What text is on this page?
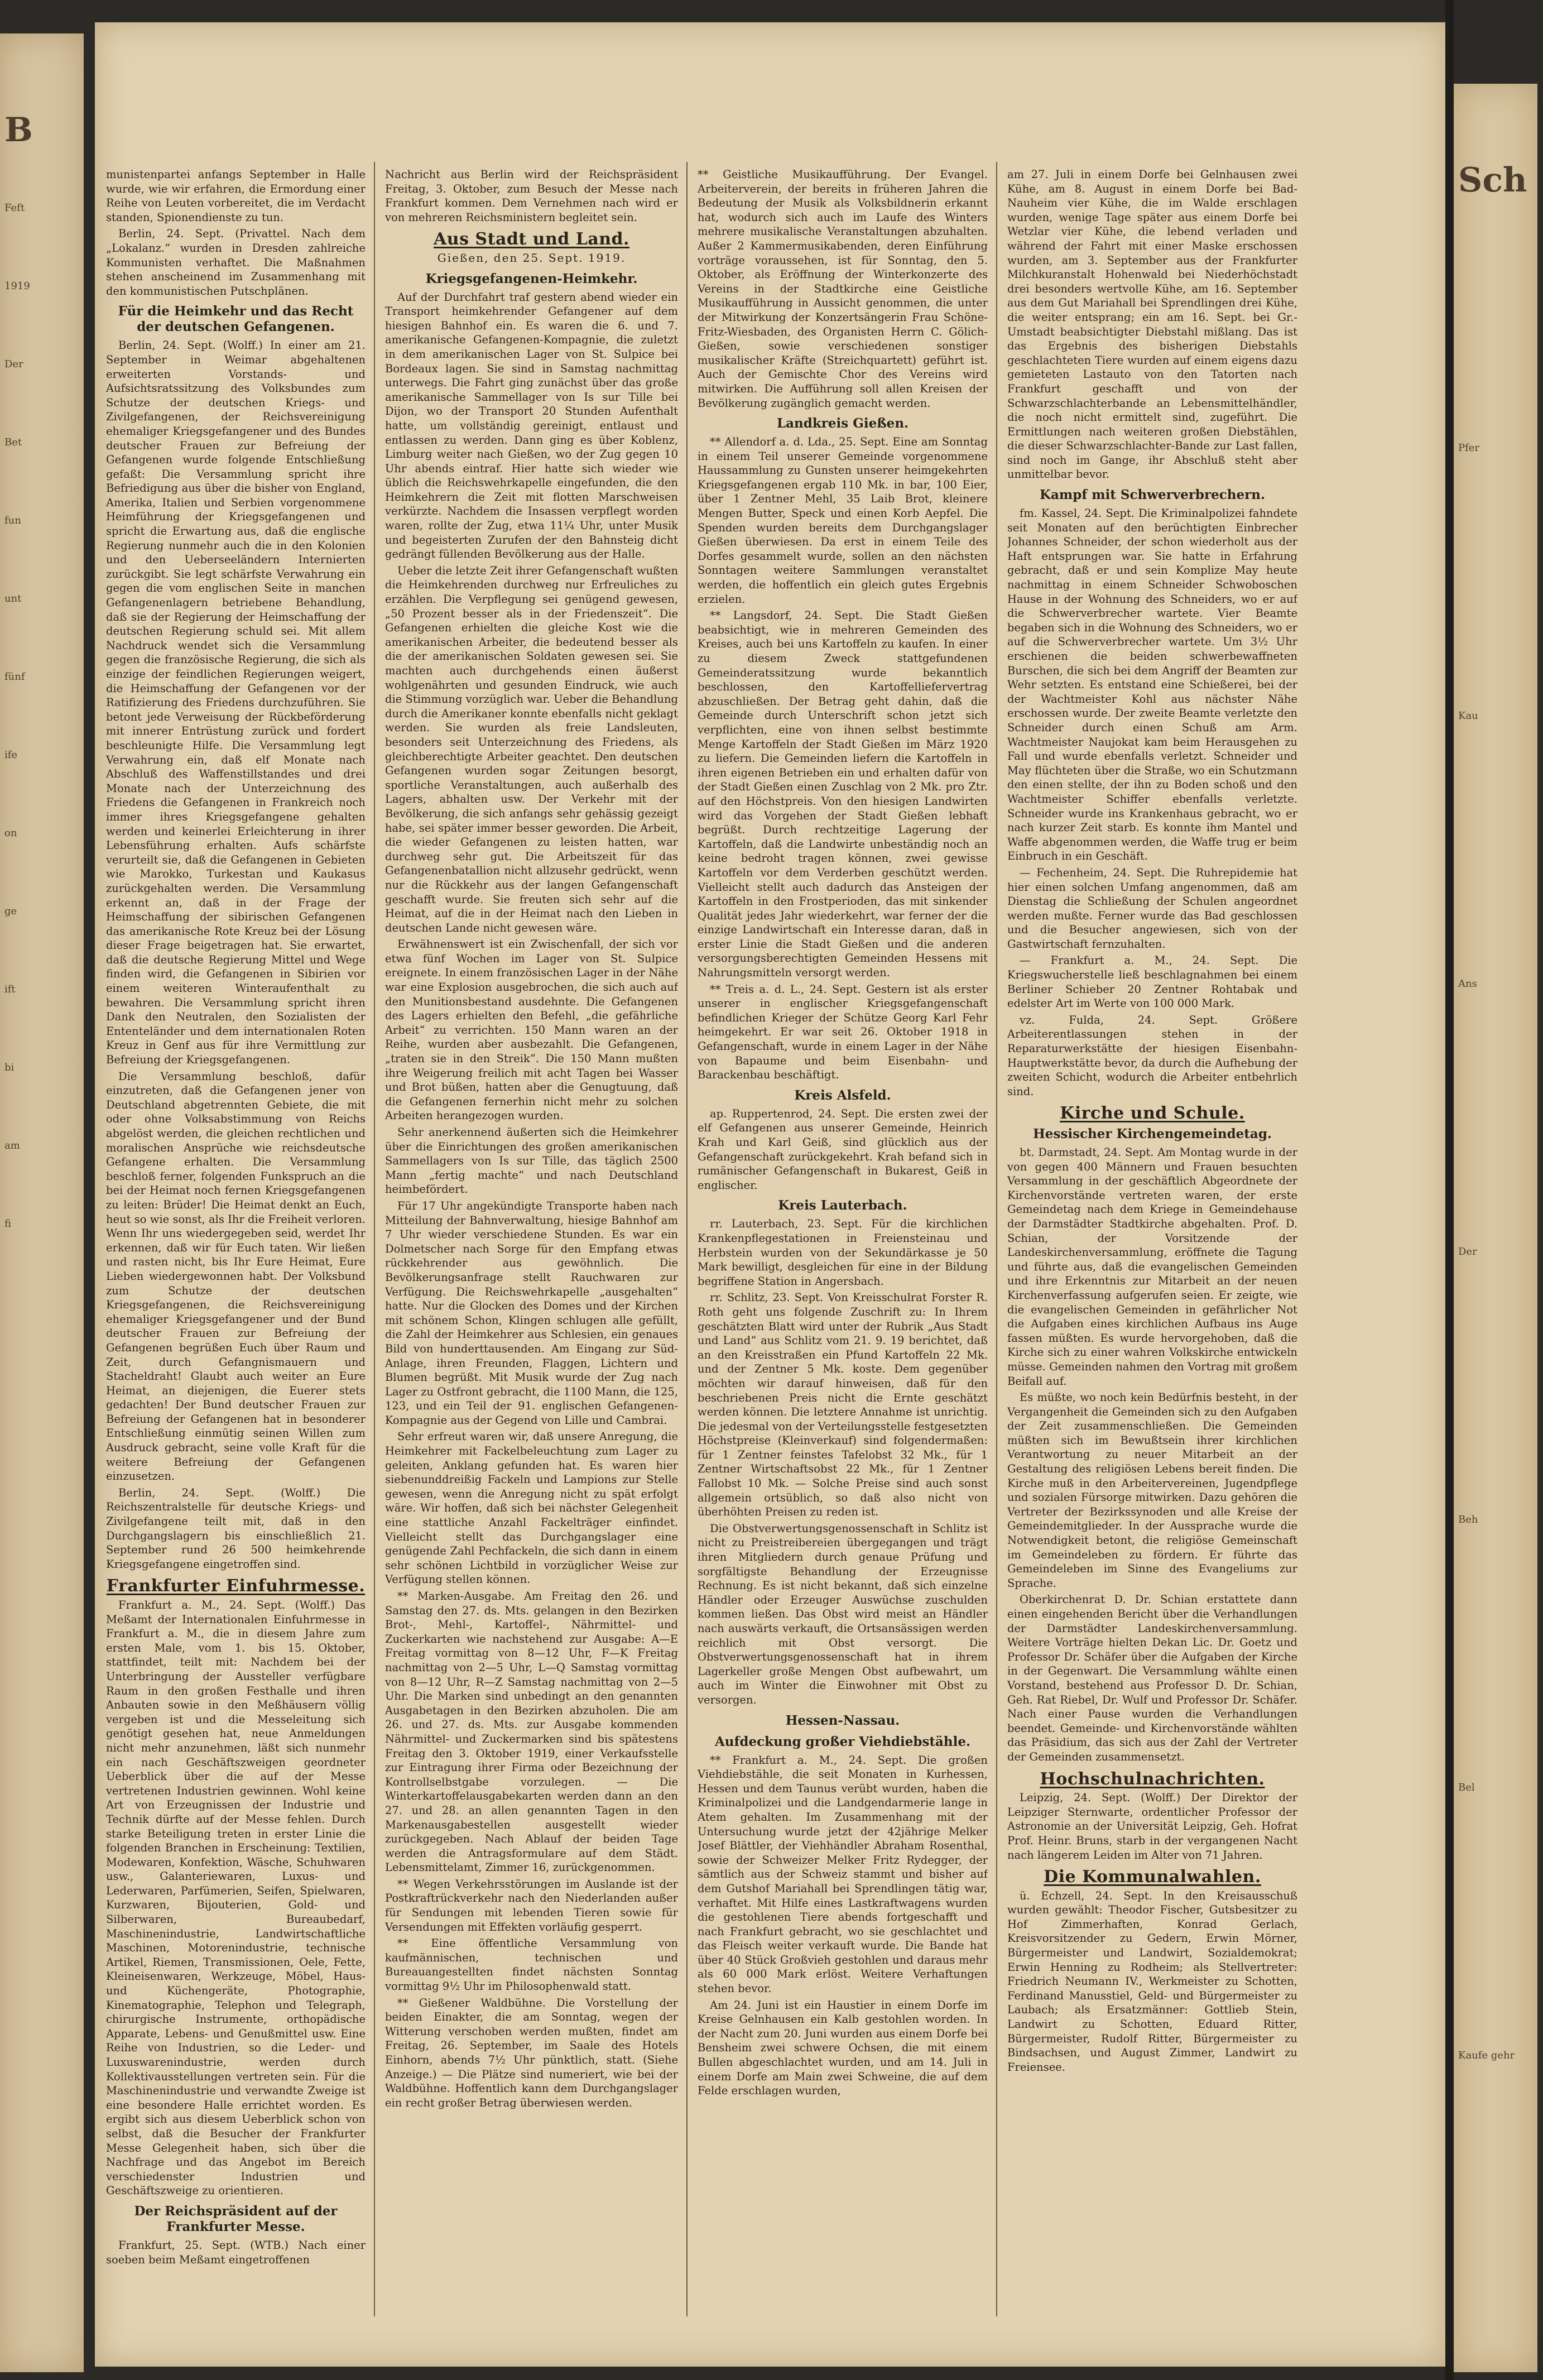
B
Feft
1919
Der
Bet
fun
unt
fünf
ife
on
ge
ift
bi
am
fi

munistenpartei anfangs September in Halle wurde, wie wir erfahren, die Ermordung einer Reihe von Leuten vorbereitet, die im Verdacht standen, Spionendienste zu tun.

Berlin, 24. Sept. (Privattel. Nach dem „Lokalanz.“ wurden in Dresden zahlreiche Kommunisten verhaftet. Die Maßnahmen stehen anscheinend im Zusammenhang mit den kommunistischen Putschplänen.

Für die Heimkehr und das Recht der deutschen Gefangenen.

Berlin, 24. Sept. (Wolff.) In einer am 21. September in Weimar abgehaltenen erweiterten Vorstands- und Aufsichtsratssitzung des Volksbundes zum Schutze der deutschen Kriegs- und Zivilgefangenen, der Reichsvereinigung ehemaliger Kriegsgefangener und des Bundes deutscher Frauen zur Befreiung der Gefangenen wurde folgende Entschließung gefaßt: Die Versammlung spricht ihre Befriedigung aus über die bisher von England, Amerika, Italien und Serbien vorgenommene Heimführung der Kriegsgefangenen und spricht die Erwartung aus, daß die englische Regierung nunmehr auch die in den Kolonien und den Ueberseeländern Internierten zurückgibt. Sie legt schärfste Verwahrung ein gegen die vom englischen Seite in manchen Gefangenenlagern betriebene Behandlung, daß sie der Regierung der Heimschaffung der deutschen Regierung schuld sei. Mit allem Nachdruck wendet sich die Versammlung gegen die französische Regierung, die sich als einzige der feindlichen Regierungen weigert, die Heimschaffung der Gefangenen vor der Ratifizierung des Friedens durchzuführen. Sie betont jede Verweisung der Rückbeförderung mit innerer Entrüstung zurück und fordert beschleunigte Hilfe. Die Versammlung legt Verwahrung ein, daß elf Monate nach Abschluß des Waffenstillstandes und drei Monate nach der Unterzeichnung des Friedens die Gefangenen in Frankreich noch immer ihres Kriegsgefangene gehalten werden und keinerlei Erleichterung in ihrer Lebensführung erhalten. Aufs schärfste verurteilt sie, daß die Gefangenen in Gebieten wie Marokko, Turkestan und Kaukasus zurückgehalten werden. Die Versammlung erkennt an, daß in der Frage der Heimschaffung der sibirischen Gefangenen das amerikanische Rote Kreuz bei der Lösung dieser Frage beigetragen hat. Sie erwartet, daß die deutsche Regierung Mittel und Wege finden wird, die Gefangenen in Sibirien vor einem weiteren Winteraufenthalt zu bewahren. Die Versammlung spricht ihren Dank den Neutralen, den Sozialisten der Ententeländer und dem internationalen Roten Kreuz in Genf aus für ihre Vermittlung zur Befreiung der Kriegsgefangenen.

Die Versammlung beschloß, dafür einzutreten, daß die Gefangenen jener von Deutschland abgetrennten Gebiete, die mit oder ohne Volksabstimmung von Reichs abgelöst werden, die gleichen rechtlichen und moralischen Ansprüche wie reichsdeutsche Gefangene erhalten. Die Versammlung beschloß ferner, folgenden Funkspruch an die bei der Heimat noch fernen Kriegsgefangenen zu leiten: Brüder! Die Heimat denkt an Euch, heut so wie sonst, als Ihr die Freiheit verloren. Wenn Ihr uns wiedergegeben seid, werdet Ihr erkennen, daß wir für Euch taten. Wir ließen und rasten nicht, bis Ihr Eure Heimat, Eure Lieben wiedergewonnen habt. Der Volksbund zum Schutze der deutschen Kriegsgefangenen, die Reichsvereinigung ehemaliger Kriegsgefangener und der Bund deutscher Frauen zur Befreiung der Gefangenen begrüßen Euch über Raum und Zeit, durch Gefangnismauern und Stacheldraht! Glaubt auch weiter an Eure Heimat, an diejenigen, die Euerer stets gedachten! Der Bund deutscher Frauen zur Befreiung der Gefangenen hat in besonderer Entschließung einmütig seinen Willen zum Ausdruck gebracht, seine volle Kraft für die weitere Befreiung der Gefangenen einzusetzen.

Berlin, 24. Sept. (Wolff.) Die Reichszentralstelle für deutsche Kriegs- und Zivilgefangene teilt mit, daß in den Durchgangslagern bis einschließlich 21. September rund 26 500 heimkehrende Kriegsgefangene eingetroffen sind.

Frankfurter Einfuhrmesse.

Frankfurt a. M., 24. Sept. (Wolff.) Das Meßamt der Internationalen Einfuhrmesse in Frankfurt a. M., die in diesem Jahre zum ersten Male, vom 1. bis 15. Oktober, stattfindet, teilt mit: Nachdem bei der Unterbringung der Aussteller verfügbare Raum in den großen Festhalle und ihren Anbauten sowie in den Meßhäusern völlig vergeben ist und die Messeleitung sich genötigt gesehen hat, neue Anmeldungen nicht mehr anzunehmen, läßt sich nunmehr ein nach Geschäftszweigen geordneter Ueberblick über die auf der Messe vertretenen Industrien gewinnen. Wohl keine Art von Erzeugnissen der Industrie und Technik dürfte auf der Messe fehlen. Durch starke Beteiligung treten in erster Linie die folgenden Branchen in Erscheinung: Textilien, Modewaren, Konfektion, Wäsche, Schuhwaren usw., Galanteriewaren, Luxus- und Lederwaren, Parfümerien, Seifen, Spielwaren, Kurzwaren, Bijouterien, Gold- und Silberwaren, Bureaubedarf, Maschinenindustrie, Landwirtschaftliche Maschinen, Motorenindustrie, technische Artikel, Riemen, Transmissionen, Oele, Fette, Kleineisenwaren, Werkzeuge, Möbel, Haus- und Küchengeräte, Photographie, Kinematographie, Telephon und Telegraph, chirurgische Instrumente, orthopädische Apparate, Lebens- und Genußmittel usw. Eine Reihe von Industrien, so die Leder- und Luxuswarenindustrie, werden durch Kollektivausstellungen vertreten sein. Für die Maschinenindustrie und verwandte Zweige ist eine besondere Halle errichtet worden. Es ergibt sich aus diesem Ueberblick schon von selbst, daß die Besucher der Frankfurter Messe Gelegenheit haben, sich über die Nachfrage und das Angebot im Bereich verschiedenster Industrien und Geschäftszweige zu orientieren.

Der Reichspräsident auf der Frankfurter Messe.

Frankfurt, 25. Sept. (WTB.) Nach einer soeben beim Meßamt eingetroffenen

Nachricht aus Berlin wird der Reichspräsident Freitag, 3. Oktober, zum Besuch der Messe nach Frankfurt kommen. Dem Vernehmen nach wird er von mehreren Reichsministern begleitet sein.

Aus Stadt und Land.
Gießen, den 25. Sept. 1919.
Kriegsgefangenen-Heimkehr.

Auf der Durchfahrt traf gestern abend wieder ein Transport heimkehrender Gefangener auf dem hiesigen Bahnhof ein. Es waren die 6. und 7. amerikanische Gefangenen-Kompagnie, die zuletzt in dem amerikanischen Lager von St. Sulpice bei Bordeaux lagen. Sie sind in Samstag nachmittag unterwegs. Die Fahrt ging zunächst über das große amerikanische Sammellager von Is sur Tille bei Dijon, wo der Transport 20 Stunden Aufenthalt hatte, um vollständig gereinigt, entlaust und entlassen zu werden. Dann ging es über Koblenz, Limburg weiter nach Gießen, wo der Zug gegen 10 Uhr abends eintraf. Hier hatte sich wieder wie üblich die Reichswehrkapelle eingefunden, die den Heimkehrern die Zeit mit flotten Marschweisen verkürzte. Nachdem die Insassen verpflegt worden waren, rollte der Zug, etwa 11¼ Uhr, unter Musik und begeisterten Zurufen der den Bahnsteig dicht gedrängt füllenden Bevölkerung aus der Halle.

Ueber die letzte Zeit ihrer Gefangenschaft wußten die Heimkehrenden durchweg nur Erfreuliches zu erzählen. Die Verpflegung sei genügend gewesen, „50 Prozent besser als in der Friedenszeit“. Die Gefangenen erhielten die gleiche Kost wie die amerikanischen Arbeiter, die bedeutend besser als die der amerikanischen Soldaten gewesen sei. Sie machten auch durchgehends einen äußerst wohlgenährten und gesunden Eindruck, wie auch die Stimmung vorzüglich war. Ueber die Behandlung durch die Amerikaner konnte ebenfalls nicht geklagt werden. Sie wurden als freie Landsleuten, besonders seit Unterzeichnung des Friedens, als gleichberechtigte Arbeiter geachtet. Den deutschen Gefangenen wurden sogar Zeitungen besorgt, sportliche Veranstaltungen, auch außerhalb des Lagers, abhalten usw. Der Verkehr mit der Bevölkerung, die sich anfangs sehr gehässig gezeigt habe, sei später immer besser geworden. Die Arbeit, die wieder Gefangenen zu leisten hatten, war durchweg sehr gut. Die Arbeitszeit für das Gefangenenbatallion nicht allzusehr gedrückt, wenn nur die Rückkehr aus der langen Gefangenschaft geschafft wurde. Sie freuten sich sehr auf die Heimat, auf die in der Heimat nach den Lieben in deutschen Lande nicht gewesen wäre.

Erwähnenswert ist ein Zwischenfall, der sich vor etwa fünf Wochen im Lager von St. Sulpice ereignete. In einem französischen Lager in der Nähe war eine Explosion ausgebrochen, die sich auch auf den Munitionsbestand ausdehnte. Die Gefangenen des Lagers erhielten den Befehl, „die gefährliche Arbeit“ zu verrichten. 150 Mann waren an der Reihe, wurden aber ausbezahlt. Die Gefangenen, „traten sie in den Streik“. Die 150 Mann mußten ihre Weigerung freilich mit acht Tagen bei Wasser und Brot büßen, hatten aber die Genugtuung, daß die Gefangenen fernerhin nicht mehr zu solchen Arbeiten herangezogen wurden.

Sehr anerkennend äußerten sich die Heimkehrer über die Einrichtungen des großen amerikanischen Sammellagers von Is sur Tille, das täglich 2500 Mann „fertig machte“ und nach Deutschland heimbefördert.

Für 17 Uhr angekündigte Transporte haben nach Mitteilung der Bahnverwaltung, hiesige Bahnhof am 7 Uhr wieder verschiedene Stunden. Es war ein Dolmetscher nach Sorge für den Empfang etwas rückkehrender aus gewöhnlich. Die Bevölkerungsanfrage stellt Rauchwaren zur Verfügung. Die Reichswehrkapelle „ausgehalten“ hatte. Nur die Glocken des Domes und der Kirchen mit schönem Schon, Klingen schlugen alle gefüllt, die Zahl der Heimkehrer aus Schlesien, ein genaues Bild von hunderttausenden. Am Eingang zur Süd-Anlage, ihren Freunden, Flaggen, Lichtern und Blumen begrüßt. Mit Musik wurde der Zug nach Lager zu Ostfront gebracht, die 1100 Mann, die 125, 123, und ein Teil der 91. englischen Gefangenen-Kompagnie aus der Gegend von Lille und Cambrai.

Sehr erfreut waren wir, daß unsere Anregung, die Heimkehrer mit Fackelbeleuchtung zum Lager zu geleiten, Anklang gefunden hat. Es waren hier siebenunddreißig Fackeln und Lampions zur Stelle gewesen, wenn die Anregung nicht zu spät erfolgt wäre. Wir hoffen, daß sich bei nächster Gelegenheit eine stattliche Anzahl Fackelträger einfindet. Vielleicht stellt das Durchgangslager eine genügende Zahl Pechfackeln, die sich dann in einem sehr schönen Lichtbild in vorzüglicher Weise zur Verfügung stellen können.

** Marken-Ausgabe. Am Freitag den 26. und Samstag den 27. ds. Mts. gelangen in den Bezirken Brot-, Mehl-, Kartoffel-, Nährmittel- und Zuckerkarten wie nachstehend zur Ausgabe: A—E Freitag vormittag von 8—12 Uhr, F—K Freitag nachmittag von 2—5 Uhr, L—Q Samstag vormittag von 8—12 Uhr, R—Z Samstag nachmittag von 2—5 Uhr. Die Marken sind unbedingt an den genannten Ausgabetagen in den Bezirken abzuholen. Die am 26. und 27. ds. Mts. zur Ausgabe kommenden Nährmittel- und Zuckermarken sind bis spätestens Freitag den 3. Oktober 1919, einer Verkaufsstelle zur Eintragung ihrer Firma oder Bezeichnung der Kontrollselbstgabe vorzulegen. — Die Winterkartoffelausgabekarten werden dann an den 27. und 28. an allen genannten Tagen in den Markenausgabestellen ausgestellt wieder zurückgegeben. Nach Ablauf der beiden Tage werden die Antragsformulare auf dem Städt. Lebensmittelamt, Zimmer 16, zurückgenommen.

** Wegen Verkehrsstörungen im Auslande ist der Postkraftrückverkehr nach den Niederlanden außer für Sendungen mit lebenden Tieren sowie für Versendungen mit Effekten vorläufig gesperrt.

** Eine öffentliche Versammlung von kaufmännischen, technischen und Bureauangestellten findet nächsten Sonntag vormittag 9½ Uhr im Philosophenwald statt.

** Gießener Waldbühne. Die Vorstellung der beiden Einakter, die am Sonntag, wegen der Witterung verschoben werden mußten, findet am Freitag, 26. September, im Saale des Hotels Einhorn, abends 7½ Uhr pünktlich, statt. (Siehe Anzeige.) — Die Plätze sind numeriert, wie bei der Waldbühne. Hoffentlich kann dem Durchgangslager ein recht großer Betrag überwiesen werden.

** Geistliche Musikaufführung. Der Evangel. Arbeiterverein, der bereits in früheren Jahren die Bedeutung der Musik als Volksbildnerin erkannt hat, wodurch sich auch im Laufe des Winters mehrere musikalische Veranstaltungen abzuhalten. Außer 2 Kammermusikabenden, deren Einführung vorträge voraussehen, ist für Sonntag, den 5. Oktober, als Eröffnung der Winterkonzerte des Vereins in der Stadtkirche eine Geistliche Musikaufführung in Aussicht genommen, die unter der Mitwirkung der Konzertsängerin Frau Schöne-Fritz-Wiesbaden, des Organisten Herrn C. Gölich-Gießen, sowie verschiedenen sonstiger musikalischer Kräfte (Streichquartett) geführt ist. Auch der Gemischte Chor des Vereins wird mitwirken. Die Aufführung soll allen Kreisen der Bevölkerung zugänglich gemacht werden.

Landkreis Gießen.

** Allendorf a. d. Lda., 25. Sept. Eine am Sonntag in einem Teil unserer Gemeinde vorgenommene Haussammlung zu Gunsten unserer heimgekehrten Kriegsgefangenen ergab 110 Mk. in bar, 100 Eier, über 1 Zentner Mehl, 35 Laib Brot, kleinere Mengen Butter, Speck und einen Korb Aepfel. Die Spenden wurden bereits dem Durchgangslager Gießen überwiesen. Da erst in einem Teile des Dorfes gesammelt wurde, sollen an den nächsten Sonntagen weitere Sammlungen veranstaltet werden, die hoffentlich ein gleich gutes Ergebnis erzielen.

** Langsdorf, 24. Sept. Die Stadt Gießen beabsichtigt, wie in mehreren Gemeinden des Kreises, auch bei uns Kartoffeln zu kaufen. In einer zu diesem Zweck stattgefundenen Gemeinderatssitzung wurde bekanntlich beschlossen, den Kartoffelliefervertrag abzuschließen. Der Betrag geht dahin, daß die Gemeinde durch Unterschrift schon jetzt sich verpflichten, eine von ihnen selbst bestimmte Menge Kartoffeln der Stadt Gießen im März 1920 zu liefern. Die Gemeinden liefern die Kartoffeln in ihren eigenen Betrieben ein und erhalten dafür von der Stadt Gießen einen Zuschlag von 2 Mk. pro Ztr. auf den Höchstpreis. Von den hiesigen Landwirten wird das Vorgehen der Stadt Gießen lebhaft begrüßt. Durch rechtzeitige Lagerung der Kartoffeln, daß die Landwirte unbeständig noch an keine bedroht tragen können, zwei gewisse Kartoffeln vor dem Verderben geschützt werden. Vielleicht stellt auch dadurch das Ansteigen der Kartoffeln in den Frostperioden, das mit sinkender Qualität jedes Jahr wiederkehrt, war ferner der die einzige Landwirtschaft ein Interesse daran, daß in erster Linie die Stadt Gießen und die anderen versorgungsberechtigten Gemeinden Hessens mit Nahrungsmitteln versorgt werden.

** Treis a. d. L., 24. Sept. Gestern ist als erster unserer in englischer Kriegsgefangenschaft befindlichen Krieger der Schütze Georg Karl Fehr heimgekehrt. Er war seit 26. Oktober 1918 in Gefangenschaft, wurde in einem Lager in der Nähe von Bapaume und beim Eisenbahn- und Barackenbau beschäftigt.

Kreis Alsfeld.

ap. Ruppertenrod, 24. Sept. Die ersten zwei der elf Gefangenen aus unserer Gemeinde, Heinrich Krah und Karl Geiß, sind glücklich aus der Gefangenschaft zurückgekehrt. Krah befand sich in rumänischer Gefangenschaft in Bukarest, Geiß in englischer.

Kreis Lauterbach.

rr. Lauterbach, 23. Sept. Für die kirchlichen Krankenpflegestationen in Freiensteinau und Herbstein wurden von der Sekundärkasse je 50 Mark bewilligt, desgleichen für eine in der Bildung begriffene Station in Angersbach.

rr. Schlitz, 23. Sept. Von Kreisschulrat Forster R. Roth geht uns folgende Zuschrift zu: In Ihrem geschätzten Blatt wird unter der Rubrik „Aus Stadt und Land“ aus Schlitz vom 21. 9. 19 berichtet, daß an den Kreisstraßen ein Pfund Kartoffeln 22 Mk. und der Zentner 5 Mk. koste. Dem gegenüber möchten wir darauf hinweisen, daß für den beschriebenen Preis nicht die Ernte geschätzt werden können. Die letztere Annahme ist unrichtig. Die jedesmal von der Verteilungsstelle festgesetzten Höchstpreise (Kleinverkauf) sind folgendermaßen: für 1 Zentner feinstes Tafelobst 32 Mk., für 1 Zentner Wirtschaftsobst 22 Mk., für 1 Zentner Fallobst 10 Mk. — Solche Preise sind auch sonst allgemein ortsüblich, so daß also nicht von überhöhten Preisen zu reden ist.

Die Obstverwertungsgenossenschaft in Schlitz ist nicht zu Preistreibereien übergegangen und trägt ihren Mitgliedern durch genaue Prüfung und sorgfältigste Behandlung der Erzeugnisse Rechnung. Es ist nicht bekannt, daß sich einzelne Händler oder Erzeuger Auswüchse zuschulden kommen ließen. Das Obst wird meist an Händler nach auswärts verkauft, die Ortsansässigen werden reichlich mit Obst versorgt. Die Obstverwertungsgenossenschaft hat in ihrem Lagerkeller große Mengen Obst aufbewahrt, um auch im Winter die Einwohner mit Obst zu versorgen.

Hessen-Nassau.
Aufdeckung großer Viehdiebstähle.

** Frankfurt a. M., 24. Sept. Die großen Viehdiebstähle, die seit Monaten in Kurhessen, Hessen und dem Taunus verübt wurden, haben die Kriminalpolizei und die Landgendarmerie lange in Atem gehalten. Im Zusammenhang mit der Untersuchung wurde jetzt der 42jährige Melker Josef Blättler, der Viehhändler Abraham Rosenthal, sowie der Schweizer Melker Fritz Rydegger, der sämtlich aus der Schweiz stammt und bisher auf dem Gutshof Mariahall bei Sprendlingen tätig war, verhaftet. Mit Hilfe eines Lastkraftwagens wurden die gestohlenen Tiere abends fortgeschafft und nach Frankfurt gebracht, wo sie geschlachtet und das Fleisch weiter verkauft wurde. Die Bande hat über 40 Stück Großvieh gestohlen und daraus mehr als 60 000 Mark erlöst. Weitere Verhaftungen stehen bevor.

Am 24. Juni ist ein Haustier in einem Dorfe im Kreise Gelnhausen ein Kalb gestohlen worden. In der Nacht zum 20. Juni wurden aus einem Dorfe bei Bensheim zwei schwere Ochsen, die mit einem Bullen abgeschlachtet wurden, und am 14. Juli in einem Dorfe am Main zwei Schweine, die auf dem Felde erschlagen wurden,

am 27. Juli in einem Dorfe bei Gelnhausen zwei Kühe, am 8. August in einem Dorfe bei Bad-Nauheim vier Kühe, die im Walde erschlagen wurden, wenige Tage später aus einem Dorfe bei Wetzlar vier Kühe, die lebend verladen und während der Fahrt mit einer Maske erschossen wurden, am 3. September aus der Frankfurter Milchkuranstalt Hohenwald bei Niederhöchstadt drei besonders wertvolle Kühe, am 16. September aus dem Gut Mariahall bei Sprendlingen drei Kühe, die weiter entsprang; ein am 16. Sept. bei Gr.-Umstadt beabsichtigter Diebstahl mißlang. Das ist das Ergebnis des bisherigen Diebstahls geschlachteten Tiere wurden auf einem eigens dazu gemieteten Lastauto von den Tatorten nach Frankfurt geschafft und von der Schwarzschlachterbande an Lebensmittelhändler, die noch nicht ermittelt sind, zugeführt. Die Ermittlungen nach weiteren großen Diebstählen, die dieser Schwarzschlachter-Bande zur Last fallen, sind noch im Gange, ihr Abschluß steht aber unmittelbar bevor.

Kampf mit Schwerverbrechern.

fm. Kassel, 24. Sept. Die Kriminalpolizei fahndete seit Monaten auf den berüchtigten Einbrecher Johannes Schneider, der schon wiederholt aus der Haft entsprungen war. Sie hatte in Erfahrung gebracht, daß er und sein Komplize May heute nachmittag in einem Schneider Schwoboschen Hause in der Wohnung des Schneiders, wo er auf die Schwerverbrecher wartete. Vier Beamte begaben sich in die Wohnung des Schneiders, wo er auf die Schwerverbrecher wartete. Um 3½ Uhr erschienen die beiden schwerbewaffneten Burschen, die sich bei dem Angriff der Beamten zur Wehr setzten. Es entstand eine Schießerei, bei der der Wachtmeister Kohl aus nächster Nähe erschossen wurde. Der zweite Beamte verletzte den Schneider durch einen Schuß am Arm. Wachtmeister Naujokat kam beim Herausgehen zu Fall und wurde ebenfalls verletzt. Schneider und May flüchteten über die Straße, wo ein Schutzmann den einen stellte, der ihn zu Boden schoß und den Wachtmeister Schiffer ebenfalls verletzte. Schneider wurde ins Krankenhaus gebracht, wo er nach kurzer Zeit starb. Es konnte ihm Mantel und Waffe abgenommen werden, die Waffe trug er beim Einbruch in ein Geschäft.

— Fechenheim, 24. Sept. Die Ruhrepidemie hat hier einen solchen Umfang angenommen, daß am Dienstag die Schließung der Schulen angeordnet werden mußte. Ferner wurde das Bad geschlossen und die Besucher angewiesen, sich von der Gastwirtschaft fernzuhalten.

— Frankfurt a. M., 24. Sept. Die Kriegswucherstelle ließ beschlagnahmen bei einem Berliner Schieber 20 Zentner Rohtabak und edelster Art im Werte von 100 000 Mark.

vz. Fulda, 24. Sept. Größere Arbeiterentlassungen stehen in der Reparaturwerkstätte der hiesigen Eisenbahn-Hauptwerkstätte bevor, da durch die Aufhebung der zweiten Schicht, wodurch die Arbeiter entbehrlich sind.

Kirche und Schule.
Hessischer Kirchengemeindetag.

bt. Darmstadt, 24. Sept. Am Montag wurde in der von gegen 400 Männern und Frauen besuchten Versammlung in der geschäftlich Abgeordnete der Kirchenvorstände vertreten waren, der erste Gemeindetag nach dem Kriege in Gemeindehause der Darmstädter Stadtkirche abgehalten. Prof. D. Schian, der Vorsitzende der Landeskirchenversammlung, eröffnete die Tagung und führte aus, daß die evangelischen Gemeinden und ihre Erkenntnis zur Mitarbeit an der neuen Kirchenverfassung aufgerufen seien. Er zeigte, wie die evangelischen Gemeinden in gefährlicher Not die Aufgaben eines kirchlichen Aufbaus ins Auge fassen müßten. Es wurde hervorgehoben, daß die Kirche sich zu einer wahren Volkskirche entwickeln müsse. Gemeinden nahmen den Vortrag mit großem Beifall auf.

Es müßte, wo noch kein Bedürfnis besteht, in der Vergangenheit die Gemeinden sich zu den Aufgaben der Zeit zusammenschließen. Die Gemeinden müßten sich im Bewußtsein ihrer kirchlichen Verantwortung zu neuer Mitarbeit an der Gestaltung des religiösen Lebens bereit finden. Die Kirche muß in den Arbeitervereinen, Jugendpflege und sozialen Fürsorge mitwirken. Dazu gehören die Vertreter der Bezirkssynoden und alle Kreise der Gemeindemitglieder. In der Aussprache wurde die Notwendigkeit betont, die religiöse Gemeinschaft im Gemeindeleben zu fördern. Er führte das Gemeindeleben im Sinne des Evangeliums zur Sprache.

Oberkirchenrat D. Dr. Schian erstattete dann einen eingehenden Bericht über die Verhandlungen der Darmstädter Landeskirchenversammlung. Weitere Vorträge hielten Dekan Lic. Dr. Goetz und Professor Dr. Schäfer über die Aufgaben der Kirche in der Gegenwart. Die Versammlung wählte einen Vorstand, bestehend aus Professor D. Dr. Schian, Geh. Rat Riebel, Dr. Wulf und Professor Dr. Schäfer. Nach einer Pause wurden die Verhandlungen beendet. Gemeinde- und Kirchenvorstände wählten das Präsidium, das sich aus der Zahl der Vertreter der Gemeinden zusammensetzt.

Hochschulnachrichten.

Leipzig, 24. Sept. (Wolff.) Der Direktor der Leipziger Sternwarte, ordentlicher Professor der Astronomie an der Universität Leipzig, Geh. Hofrat Prof. Heinr. Bruns, starb in der vergangenen Nacht nach längerem Leiden im Alter von 71 Jahren.

Die Kommunalwahlen.

ü. Echzell, 24. Sept. In den Kreisausschuß wurden gewählt: Theodor Fischer, Gutsbesitzer zu Hof Zimmerhaften, Konrad Gerlach, Kreisvorsitzender zu Gedern, Erwin Mörner, Bürgermeister und Landwirt, Sozialdemokrat; Erwin Henning zu Rodheim; als Stellvertreter: Friedrich Neumann IV., Werkmeister zu Schotten, Ferdinand Manusstiel, Geld- und Bürgermeister zu Laubach; als Ersatzmänner: Gottlieb Stein, Landwirt zu Schotten, Eduard Ritter, Bürgermeister, Rudolf Ritter, Bürgermeister zu Bindsachsen, und August Zimmer, Landwirt zu Freiensee.

Sch
Pfer
Kau
Ans
Der
Beh
Bel
Kaufe gehr
